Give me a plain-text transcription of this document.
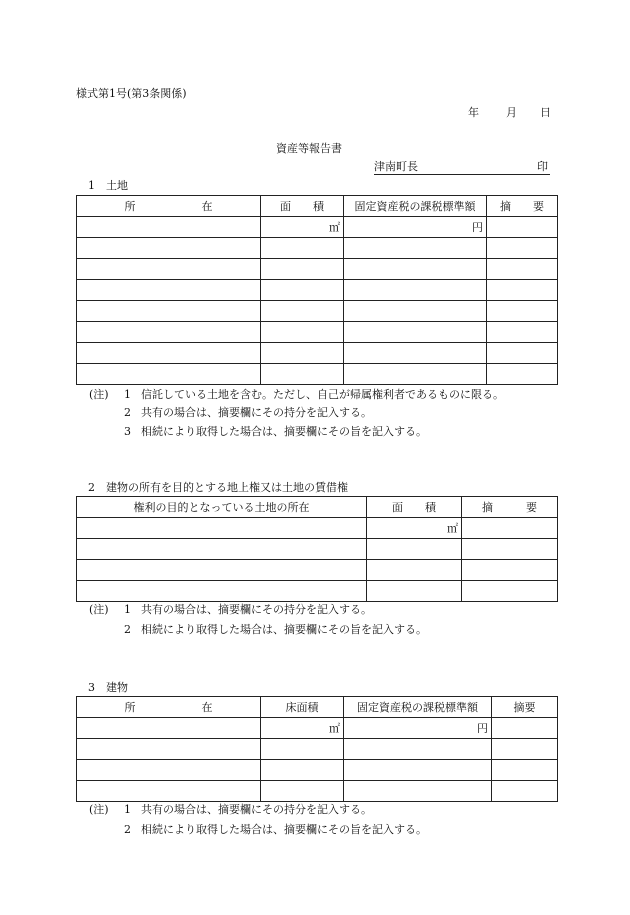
様式第1号(第3条関係)
年 月 日
資産等報告書
津南町長	印
1　土地
所　　　　　　在	面　　積	固定資産税の課税標準額	摘　　要
	㎡	円	

(注) 1 信託している土地を含む。ただし、自己が帰属権利者であるものに限る。
2 共有の場合は、摘要欄にその持分を記入する。
3 相続により取得した場合は、摘要欄にその旨を記入する。
2　建物の所有を目的とする地上権又は土地の賃借権
権利の目的となっている土地の所在	面　　積	摘　　　要
	㎡	

(注) 1 共有の場合は、摘要欄にその持分を記入する。
2 相続により取得した場合は、摘要欄にその旨を記入する。
3　建物
所　　　　　　在	床面積	固定資産税の課税標準額	摘要
	㎡	円	

(注) 1 共有の場合は、摘要欄にその持分を記入する。
2 相続により取得した場合は、摘要欄にその旨を記入する。
